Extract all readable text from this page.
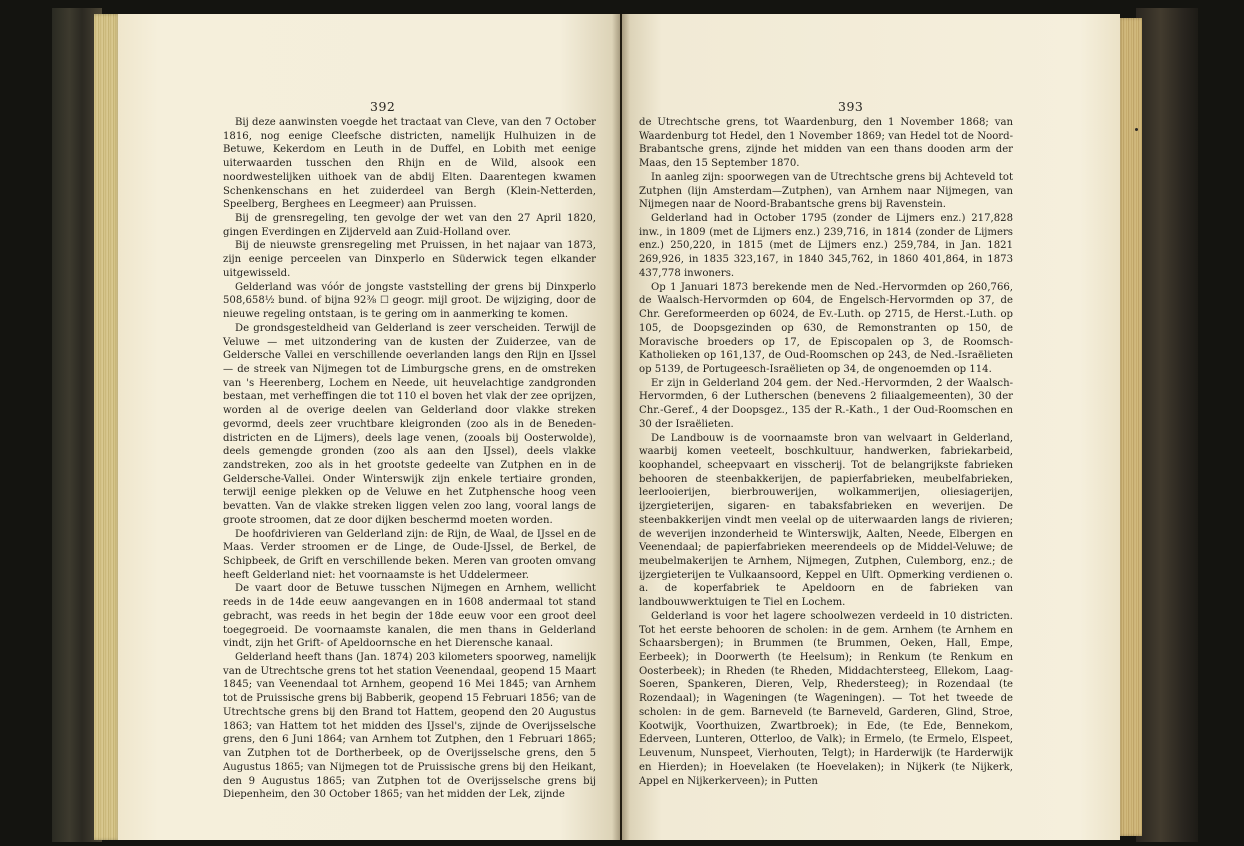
392

Bij deze aanwinsten voegde het tractaat van Cleve, van den 7 October 1816, nog eenige Cleefsche districten, namelijk Hulhuizen in de Betuwe, Kekerdom en Leuth in de Duffel, en Lobith met eenige uiterwaarden tusschen den Rhijn en de Wild, alsook een noordwestelijken uithoek van de abdij Elten. Daarentegen kwamen Schenkenschans en het zuiderdeel van Bergh (Klein-Netterden, Speelberg, Berghees en Leegmeer) aan Pruissen.

Bij de grensregeling, ten gevolge der wet van den 27 April 1820, gingen Everdingen en Zijderveld aan Zuid-Holland over.

Bij de nieuwste grensregeling met Pruissen, in het najaar van 1873, zijn eenige perceelen van Dinxperlo en Süderwick tegen elkander uitgewisseld.

Gelderland was vóór de jongste vaststelling der grens bij Dinxperlo 508,658½ bund. of bijna 92⅜ ☐ geogr. mijl groot. De wijziging, door de nieuwe regeling ontstaan, is te gering om in aanmerking te komen.

De grondsgesteldheid van Gelderland is zeer verscheiden. Terwijl de Veluwe — met uitzondering van de kusten der Zuiderzee, van de Geldersche Vallei en verschillende oeverlanden langs den Rijn en IJssel — de streek van Nijmegen tot de Limburgsche grens, en de omstreken van 's Heerenberg, Lochem en Neede, uit heuvelachtige zandgronden bestaan, met verheffingen die tot 110 el boven het vlak der zee oprijzen, worden al de overige deelen van Gelderland door vlakke streken gevormd, deels zeer vruchtbare kleigronden (zoo als in de Beneden-districten en de Lijmers), deels lage venen, (zooals bij Oosterwolde), deels gemengde gronden (zoo als aan den IJssel), deels vlakke zandstreken, zoo als in het grootste gedeelte van Zutphen en in de Geldersche-Vallei. Onder Winterswijk zijn enkele tertiaire gronden, terwijl eenige plekken op de Veluwe en het Zutphensche hoog veen bevatten. Van de vlakke streken liggen velen zoo lang, vooral langs de groote stroomen, dat ze door dijken beschermd moeten worden.

De hoofdrivieren van Gelderland zijn: de Rijn, de Waal, de IJssel en de Maas. Verder stroomen er de Linge, de Oude-IJssel, de Berkel, de Schipbeek, de Grift en verschillende beken. Meren van grooten omvang heeft Gelderland niet: het voornaamste is het Uddelermeer.

De vaart door de Betuwe tusschen Nijmegen en Arnhem, wellicht reeds in de 14de eeuw aangevangen en in 1608 andermaal tot stand gebracht, was reeds in het begin der 18de eeuw voor een groot deel toegegroeid. De voornaamste kanalen, die men thans in Gelderland vindt, zijn het Grift- of Apeldoornsche en het Dierensche kanaal.

Gelderland heeft thans (Jan. 1874) 203 kilometers spoorweg, namelijk van de Utrechtsche grens tot het station Veenendaal, geopend 15 Maart 1845; van Veenendaal tot Arnhem, geopend 16 Mei 1845; van Arnhem tot de Pruissische grens bij Babberik, geopend 15 Februari 1856; van de Utrechtsche grens bij den Brand tot Hattem, geopend den 20 Augustus 1863; van Hattem tot het midden des IJssel's, zijnde de Overijsselsche grens, den 6 Juni 1864; van Arnhem tot Zutphen, den 1 Februari 1865; van Zutphen tot de Dortherbeek, op de Overijsselsche grens, den 5 Augustus 1865; van Nijmegen tot de Pruissische grens bij den Heikant, den 9 Augustus 1865; van Zutphen tot de Overijsselsche grens bij Diepenheim, den 30 October 1865; van het midden der Lek, zijnde

393

de Utrechtsche grens, tot Waardenburg, den 1 November 1868; van Waardenburg tot Hedel, den 1 November 1869; van Hedel tot de Noord-Brabantsche grens, zijnde het midden van een thans dooden arm der Maas, den 15 September 1870.

In aanleg zijn: spoorwegen van de Utrechtsche grens bij Achteveld tot Zutphen (lijn Amsterdam—Zutphen), van Arnhem naar Nijmegen, van Nijmegen naar de Noord-Brabantsche grens bij Ravenstein.

Gelderland had in October 1795 (zonder de Lijmers enz.) 217,828 inw., in 1809 (met de Lijmers enz.) 239,716, in 1814 (zonder de Lijmers enz.) 250,220, in 1815 (met de Lijmers enz.) 259,784, in Jan. 1821 269,926, in 1835 323,167, in 1840 345,762, in 1860 401,864, in 1873 437,778 inwoners.

Op 1 Januari 1873 berekende men de Ned.-Hervormden op 260,766, de Waalsch-Hervormden op 604, de Engelsch-Hervormden op 37, de Chr. Gereformeerden op 6024, de Ev.-Luth. op 2715, de Herst.-Luth. op 105, de Doopsgezinden op 630, de Remonstranten op 150, de Moravische broeders op 17, de Episcopalen op 3, de Roomsch-Katholieken op 161,137, de Oud-Roomschen op 243, de Ned.-Israëlieten op 5139, de Portugeesch-Israëlieten op 34, de ongenoemden op 114.

Er zijn in Gelderland 204 gem. der Ned.-Hervormden, 2 der Waalsch-Hervormden, 6 der Lutherschen (benevens 2 filiaalgemeenten), 30 der Chr.-Geref., 4 der Doopsgez., 135 der R.-Kath., 1 der Oud-Roomschen en 30 der Israëlieten.

De Landbouw is de voornaamste bron van welvaart in Gelderland, waarbij komen veeteelt, boschkultuur, handwerken, fabriekarbeid, koophandel, scheepvaart en visscherij. Tot de belangrijkste fabrieken behooren de steenbakkerijen, de papierfabrieken, meubelfabrieken, leerlooierijen, bierbrouwerijen, wolkammerijen, oliesiagerijen, ijzergieterijen, sigaren- en tabaksfabrieken en weverijen. De steenbakkerijen vindt men veelal op de uiterwaarden langs de rivieren; de weverijen inzonderheid te Winterswijk, Aalten, Neede, Elbergen en Veenendaal; de papierfabrieken meerendeels op de Middel-Veluwe; de meubelmakerijen te Arnhem, Nijmegen, Zutphen, Culemborg, enz.; de ijzergieterijen te Vulkaansoord, Keppel en Ulft. Opmerking verdienen o. a. de koperfabriek te Apeldoorn en de fabrieken van landbouwwerktuigen te Tiel en Lochem.

Gelderland is voor het lagere schoolwezen verdeeld in 10 districten. Tot het eerste behooren de scholen: in de gem. Arnhem (te Arnhem en Schaarsbergen); in Brummen (te Brummen, Oeken, Hall, Empe, Eerbeek); in Doorwerth (te Heelsum); in Renkum (te Renkum en Oosterbeek); in Rheden (te Rheden, Middachtersteeg, Ellekom, Laag-Soeren, Spankeren, Dieren, Velp, Rhedersteeg); in Rozendaal (te Rozendaal); in Wageningen (te Wageningen). — Tot het tweede de scholen: in de gem. Barneveld (te Barneveld, Garderen, Glind, Stroe, Kootwijk, Voorthuizen, Zwartbroek); in Ede, (te Ede, Bennekom, Ederveen, Lunteren, Otterloo, de Valk); in Ermelo, (te Ermelo, Elspeet, Leuvenum, Nunspeet, Vierhouten, Telgt); in Harderwijk (te Harderwijk en Hierden); in Hoevelaken (te Hoevelaken); in Nijkerk (te Nijkerk, Appel en Nijkerkerveen); in Putten
